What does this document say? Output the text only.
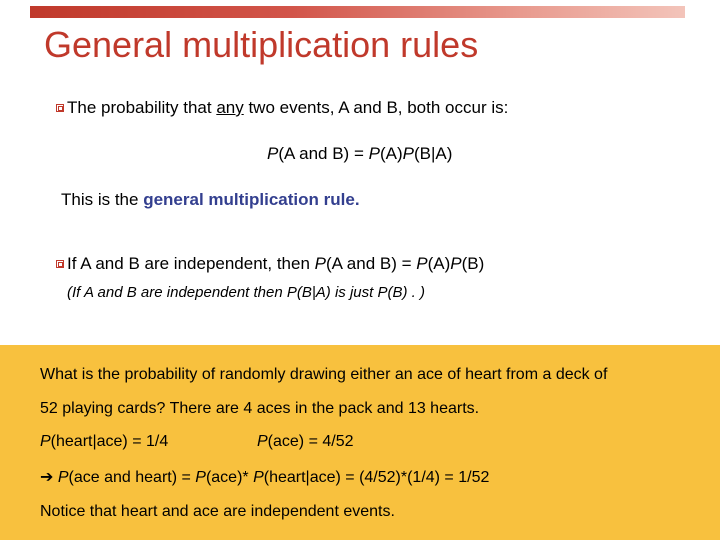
General multiplication rules
The probability that any two events, A and B, both occur is:
P(A and B) = P(A)P(B|A)
This is the general multiplication rule.
If A and B are independent, then P(A and B) = P(A)P(B)
(If A and B are independent then P(B|A) is just P(B) . )
What is the probability of randomly drawing either an ace of heart from a deck of
52 playing cards? There are 4 aces in the pack and 13 hearts.
P(heart|ace) = 1/4	P(ace) = 4/52
➔ P(ace and heart) = P(ace)* P(heart|ace) = (4/52)*(1/4) = 1/52
Notice that heart and ace are independent events.
